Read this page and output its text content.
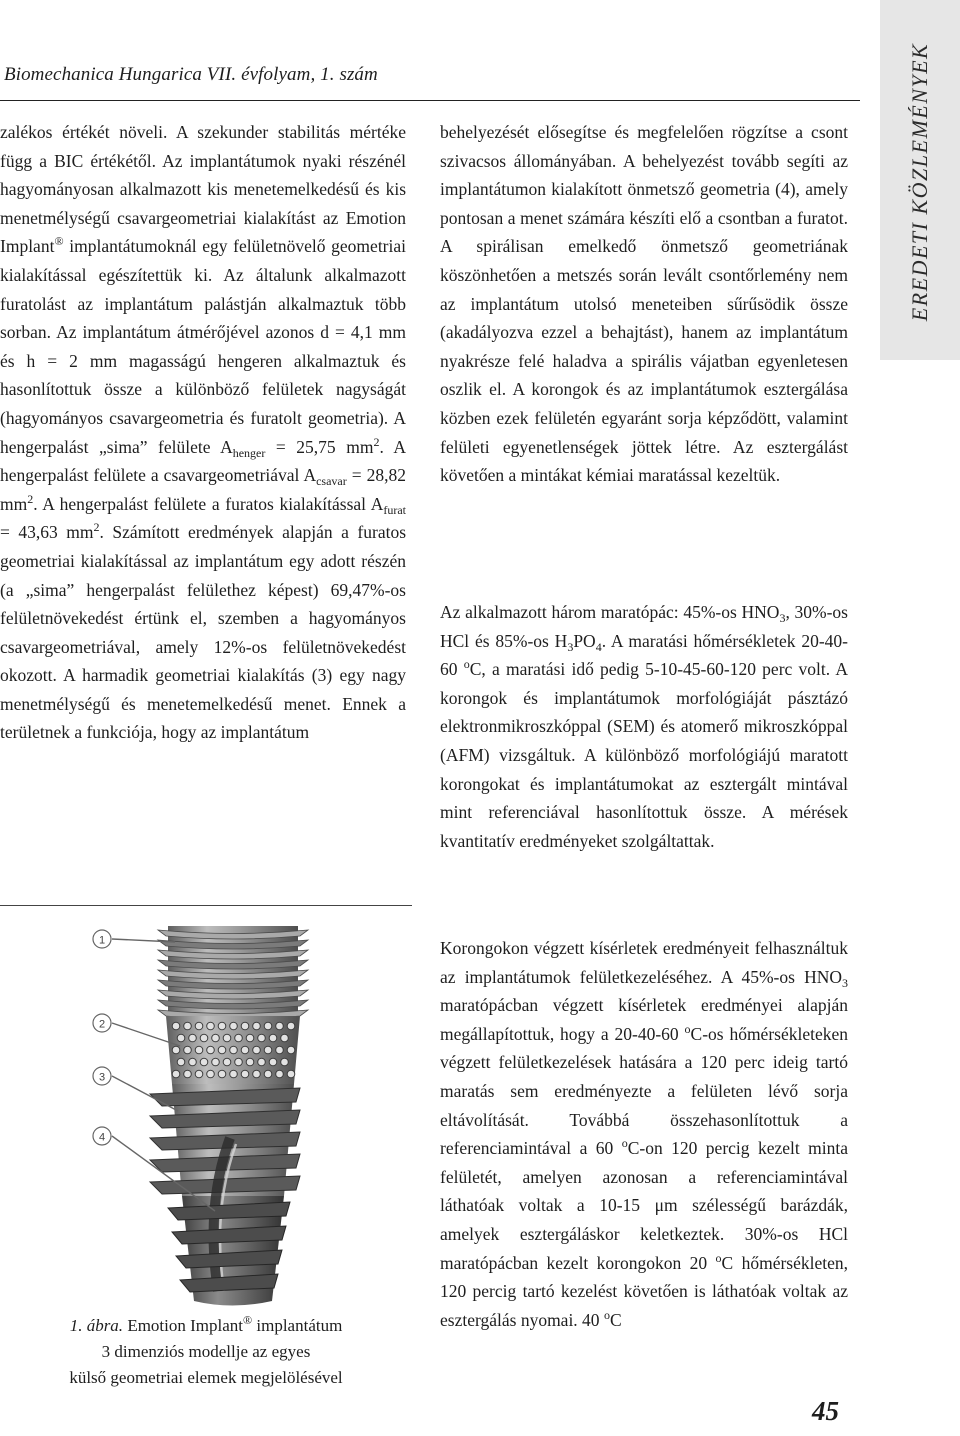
Biomechanica Hungarica VII. évfolyam, 1. szám	EREDETI KÖZLEMÉNYEK

zalékos értékét növeli. A szekunder stabilitás mértéke függ a BIC értékétől. Az implantátumok nyaki részénél hagyományosan alkalmazott kis menetemelkedésű és kis menetmélységű csavargeometriai kialakítást az Emotion Implant® implantátumoknál egy felületnövelő geometriai kialakítással egészítettük ki. Az általunk alkalmazott furatolást az implantátum palástján alkalmaztuk több sorban. Az implantátum átmérőjével azonos d = 4,1 mm és h = 2 mm magasságú hengeren alkalmaztuk és hasonlítottuk össze a különböző felületek nagyságát (hagyományos csavargeometria és furatolt geometria). A hengerpalást „sima” felülete $A_{henger} = 25,75$ $mm^2$. A hengerpalást felülete a csavargeometriával $A_{csavar} = 28,82$ $mm^2$. A hengerpalást felülete a furatos kialakítással $A_{furat} = 43,63$ $mm^2$. Számított eredmények alapján a furatos geometriai kialakítással az implantátum egy adott részén (a „sima” hengerpalást felülethez képest) 69,47%-os felületnövekedést értünk el, szemben a hagyományos csavargeometriával, amely 12%-os felületnövekedést okozott. A harmadik geometriai kialakítás (3) egy nagy menetmélységű és menetemelkedésű menet. Ennek a területnek a funkciója, hogy az implantátum

behelyezését elősegítse és megfelelően rögzítse a csont szivacsos állományában. A behelyezést tovább segíti az implantátumon kialakított önmetsző geometria (4), amely pontosan a menet számára készíti elő a csontban a furatot. A spirálisan emelkedő önmetsző geometriának köszönhetően a metszés során levált csontőrlemény nem az implantátum utolsó meneteiben sűrűsödik össze (akadályozva ezzel a behajtást), hanem az implantátum nyakrésze felé haladva a spirális vájatban egyenletesen oszlik el. A korongok és az implantátumok esztergálása közben ezek felületén egyaránt sorja képződött, valamint felületi egyenetlenségek jöttek létre. Az esztergálást követően a mintákat kémiai maratással kezeltük.

Az alkalmazott három maratópác: 45%-os $HNO_3$, 30%-os HCl és 85%-os $H_3PO_4$. A maratási hőmérsékletek 20-40-60 $^o$C, a maratási idő pedig 5-10-45-60-120 perc volt. A korongok és implantátumok morfológiáját pásztázó elektronmikroszkóppal (SEM) és atomerő mikroszkóppal (AFM) vizsgáltuk. A különböző morfológiájú maratott korongokat és implantátumokat az esztergált mintával mint referenciával hasonlítottuk össze. A mérések kvantitatív eredményeket szolgáltattak.

Korongokon végzett kísérletek eredményeit felhasználtuk az implantátumok felületkezeléséhez. A 45%-os $HNO_3$ maratópácban végzett kísérletek eredményei alapján megállapítottuk, hogy a 20-40-60 $^o$C-os hőmérsékleteken végzett felületkezelések hatására a 120 perc ideig tartó maratás sem eredményezte a felületen lévő sorja eltávolítását. Továbbá összehasonlítottuk a referenciamintával a 60 $^o$C-on 120 percig kezelt minta felületét, amelyen azonosan a referenciamintával láthatóak voltak a 10-15 μm szélességű barázdák, amelyek esztergáláskor keletkeztek. 30%-os HCl maratópácban kezelt korongokon 20 $^o$C hőmérsékleten, 120 percig tartó kezelést követően is láthatóak voltak az esztergálás nyomai. 40 $^o$C

1
2
3
4
1. ábra. Emotion Implant® implantátum
3 dimenziós modellje az egyes
külső geometriai elemek megjelölésével
45
